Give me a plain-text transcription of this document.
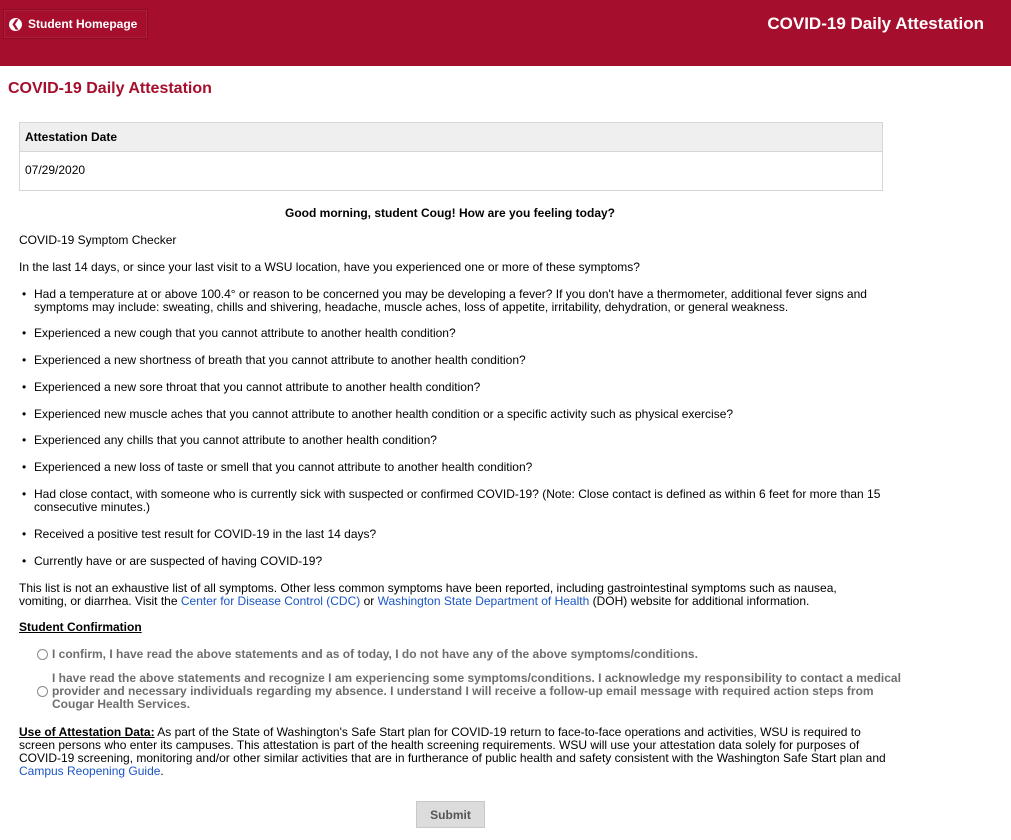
❮ Student Homepage	COVID-19 Daily Attestation
COVID-19 Daily Attestation
Attestation Date
07/29/2020
Good morning, student Coug! How are you feeling today?
COVID-19 Symptom Checker
In the last 14 days, or since your last visit to a WSU location, have you experienced one or more of these symptoms?
• Had a temperature at or above 100.4° or reason to be concerned you may be developing a fever? If you don't have a thermometer, additional fever signs and symptoms may include: sweating, chills and shivering, headache, muscle aches, loss of appetite, irritability, dehydration, or general weakness.
• Experienced a new cough that you cannot attribute to another health condition?
• Experienced a new shortness of breath that you cannot attribute to another health condition?
• Experienced a new sore throat that you cannot attribute to another health condition?
• Experienced new muscle aches that you cannot attribute to another health condition or a specific activity such as physical exercise?
• Experienced any chills that you cannot attribute to another health condition?
• Experienced a new loss of taste or smell that you cannot attribute to another health condition?
• Had close contact, with someone who is currently sick with suspected or confirmed COVID-19? (Note: Close contact is defined as within 6 feet for more than 15 consecutive minutes.)
• Received a positive test result for COVID-19 in the last 14 days?
• Currently have or are suspected of having COVID-19?
This list is not an exhaustive list of all symptoms. Other less common symptoms have been reported, including gastrointestinal symptoms such as nausea, vomiting, or diarrhea. Visit the Center for Disease Control (CDC) or Washington State Department of Health (DOH) website for additional information.
Student Confirmation
I confirm, I have read the above statements and as of today, I do not have any of the above symptoms/conditions.
I have read the above statements and recognize I am experiencing some symptoms/conditions. I acknowledge my responsibility to contact a medical provider and necessary individuals regarding my absence. I understand I will receive a follow-up email message with required action steps from Cougar Health Services.
Use of Attestation Data: As part of the State of Washington's Safe Start plan for COVID-19 return to face-to-face operations and activities, WSU is required to screen persons who enter its campuses. This attestation is part of the health screening requirements. WSU will use your attestation data solely for purposes of COVID-19 screening, monitoring and/or other similar activities that are in furtherance of public health and safety consistent with the Washington Safe Start plan and Campus Reopening Guide.
Submit
